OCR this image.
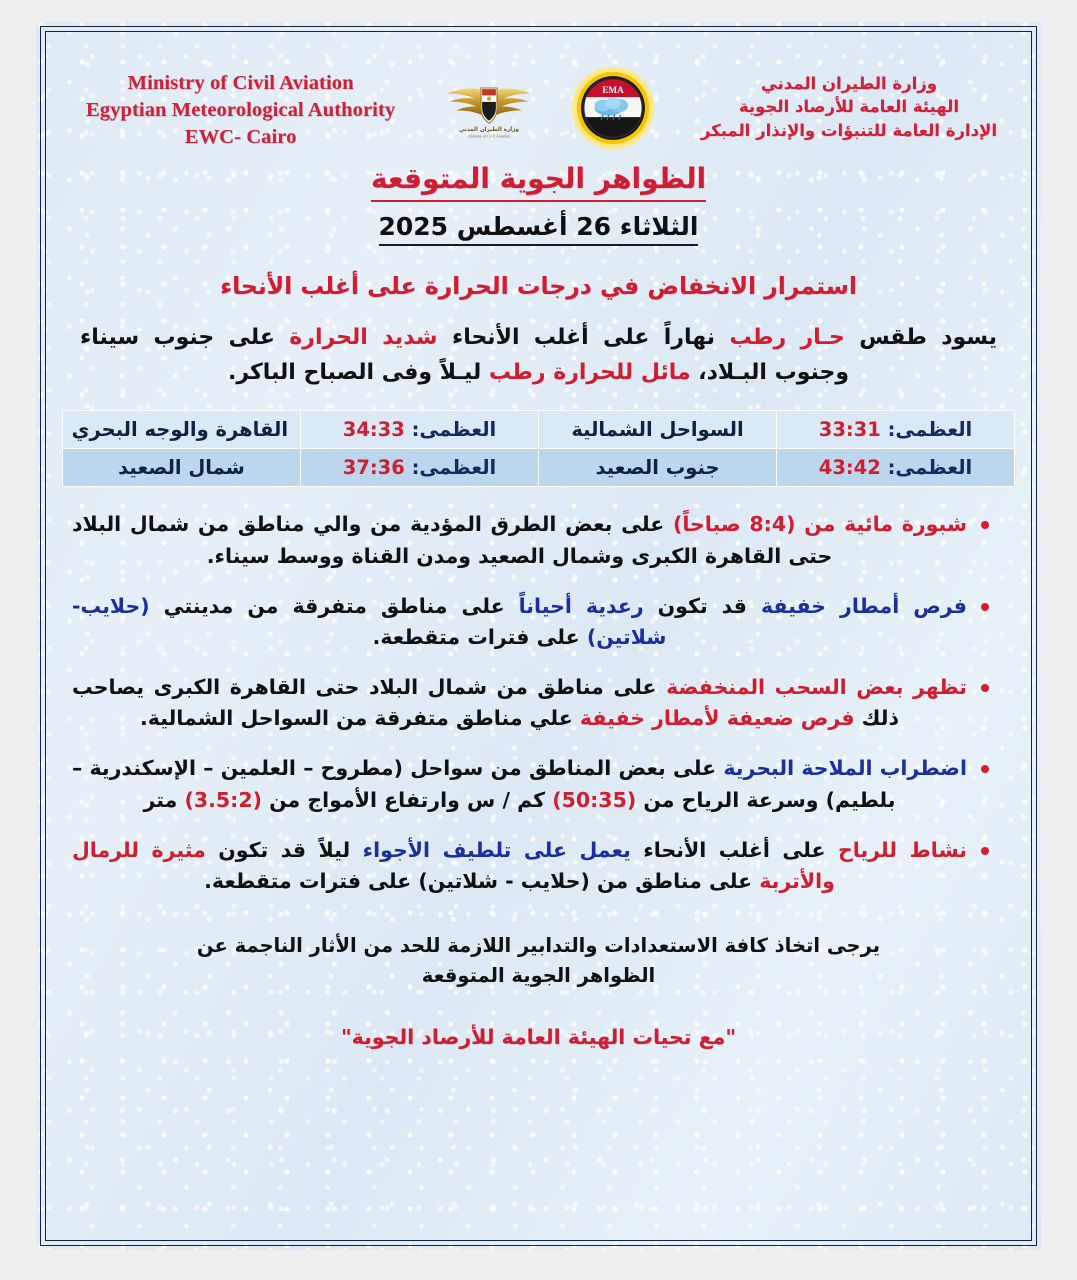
Ministry of Civil Aviation
Egyptian Meteorological Authority
EWC- Cairo	وزارة الطيران المدني
Ministry of Civil Aviation
EMA	وزارة الطيران المدني
الهيئة العامة للأرصاد الجوية
الإدارة العامة للتنبؤات والإنذار المبكر
الظواهر الجوية المتوقعة
الثلاثاء 26 أغسطس 2025
استمرار الانخفاض في درجات الحرارة على أغلب الأنحاء
يسود طقس حـار رطب نهاراً على أغلب الأنحاء شديد الحرارة على جنوب سيناء وجنوب البـلاد، مائل للحرارة رطب ليـلاً وفى الصباح الباكر.
العظمى: 33:31	السواحل الشمالية	العظمى: 34:33	القاهرة والوجه البحري
العظمى: 43:42	جنوب الصعيد	العظمى: 37:36	شمال الصعيد
شبورة مائية من (8:4 صباحاً) على بعض الطرق المؤدية من والي مناطق من شمال البلاد حتى القاهرة الكبرى وشمال الصعيد ومدن القناة ووسط سيناء.
فرص أمطار خفيفة قد تكون رعدية أحياناً على مناطق متفرقة من مدينتي (حلايب- شلاتين) على فترات متقطعة.
تظهر بعض السحب المنخفضة على مناطق من شمال البلاد حتى القاهرة الكبرى يصاحب ذلك فرص ضعيفة لأمطار خفيفة علي مناطق متفرقة من السواحل الشمالية.
اضطراب الملاحة البحرية على بعض المناطق من سواحل (مطروح – العلمين – الإسكندرية – بلطيم) وسرعة الرياح من (50:35) كم / س وارتفاع الأمواج من (3.5:2) متر
نشاط للرياح على أغلب الأنحاء يعمل على تلطيف الأجواء ليلاً قد تكون مثيرة للرمال والأتربة على مناطق من (حلايب - شلاتين) على فترات متقطعة.
يرجى اتخاذ كافة الاستعدادات والتدابير اللازمة للحد من الأثار الناجمة عن
الظواهر الجوية المتوقعة
"مع تحيات الهيئة العامة للأرصاد الجوية"
